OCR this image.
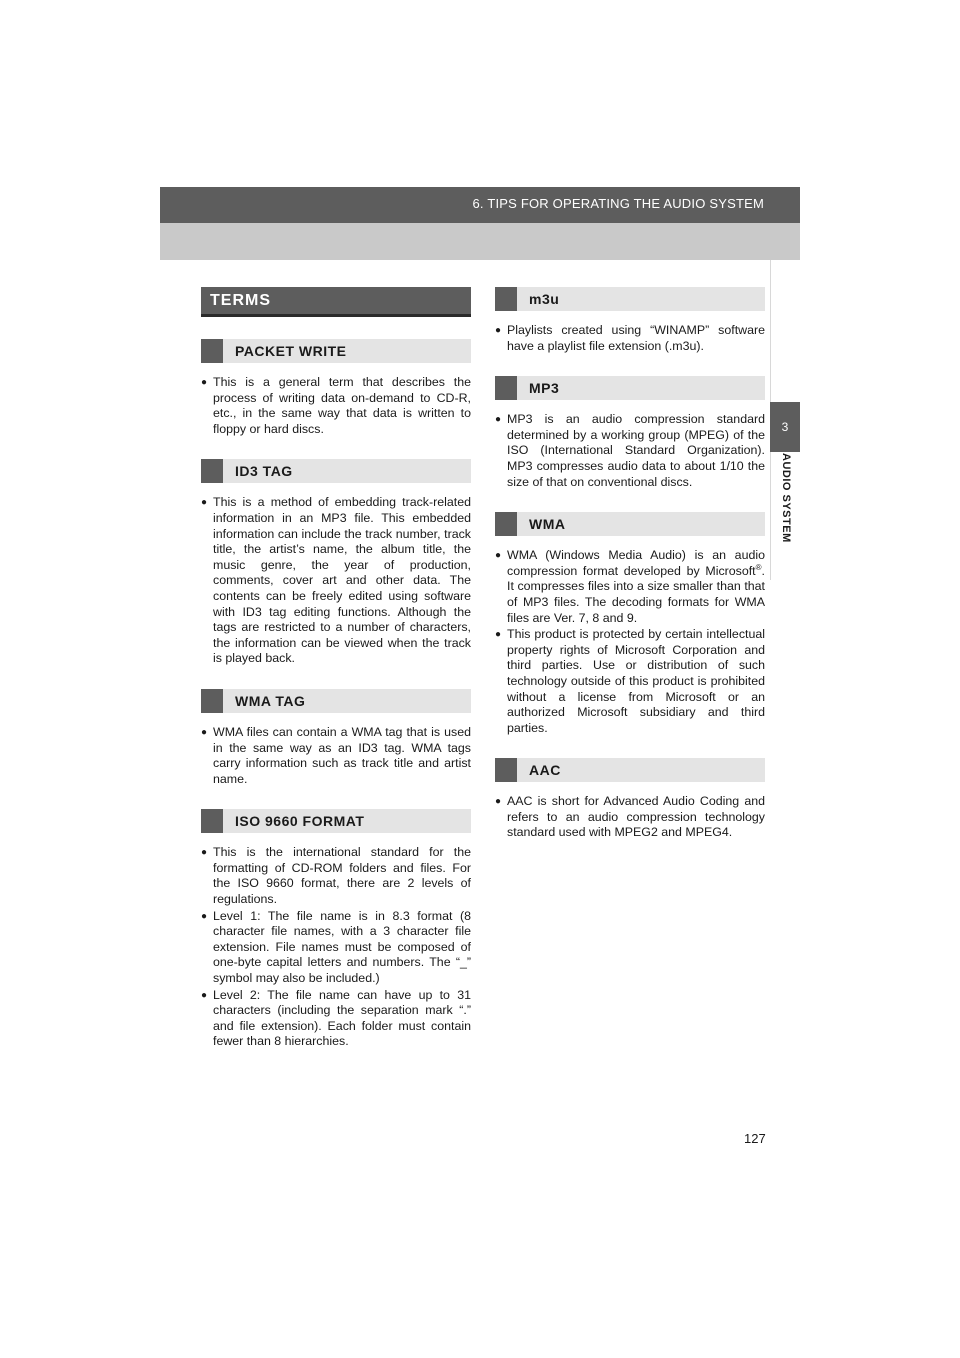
6. TIPS FOR OPERATING THE AUDIO SYSTEM
3
AUDIO SYSTEM
TERMS
PACKET WRITE
● This is a general term that describes the process of writing data on-demand to CD-R, etc., in the same way that data is written to floppy or hard discs.
ID3 TAG
● This is a method of embedding track-related information in an MP3 file. This embedded information can include the track number, track title, the artist’s name, the album title, the music genre, the year of production, comments, cover art and other data. The contents can be freely edited using software with ID3 tag editing functions. Although the tags are restricted to a number of characters, the information can be viewed when the track is played back.
WMA TAG
● WMA files can contain a WMA tag that is used in the same way as an ID3 tag. WMA tags carry information such as track title and artist name.
ISO 9660 FORMAT
● This is the international standard for the formatting of CD-ROM folders and files. For the ISO 9660 format, there are 2 levels of regulations.
● Level 1: The file name is in 8.3 format (8 character file names, with a 3 character file extension. File names must be composed of one-byte capital letters and numbers. The “_” symbol may also be included.)
● Level 2: The file name can have up to 31 characters (including the separation mark “.” and file extension). Each folder must contain fewer than 8 hierarchies.
m3u
● Playlists created using “WINAMP” software have a playlist file extension (.m3u).
MP3
● MP3 is an audio compression standard determined by a working group (MPEG) of the ISO (International Standard Organization). MP3 compresses audio data to about 1/10 the size of that on conventional discs.
WMA
● WMA (Windows Media Audio) is an audio compression format developed by Microsoft®. It compresses files into a size smaller than that of MP3 files. The decoding formats for WMA files are Ver. 7, 8 and 9.
● This product is protected by certain intellectual property rights of Microsoft Corporation and third parties. Use or distribution of such technology outside of this product is prohibited without a license from Microsoft or an authorized Microsoft subsidiary and third parties.
AAC
● AAC is short for Advanced Audio Coding and refers to an audio compression technology standard used with MPEG2 and MPEG4.
127
